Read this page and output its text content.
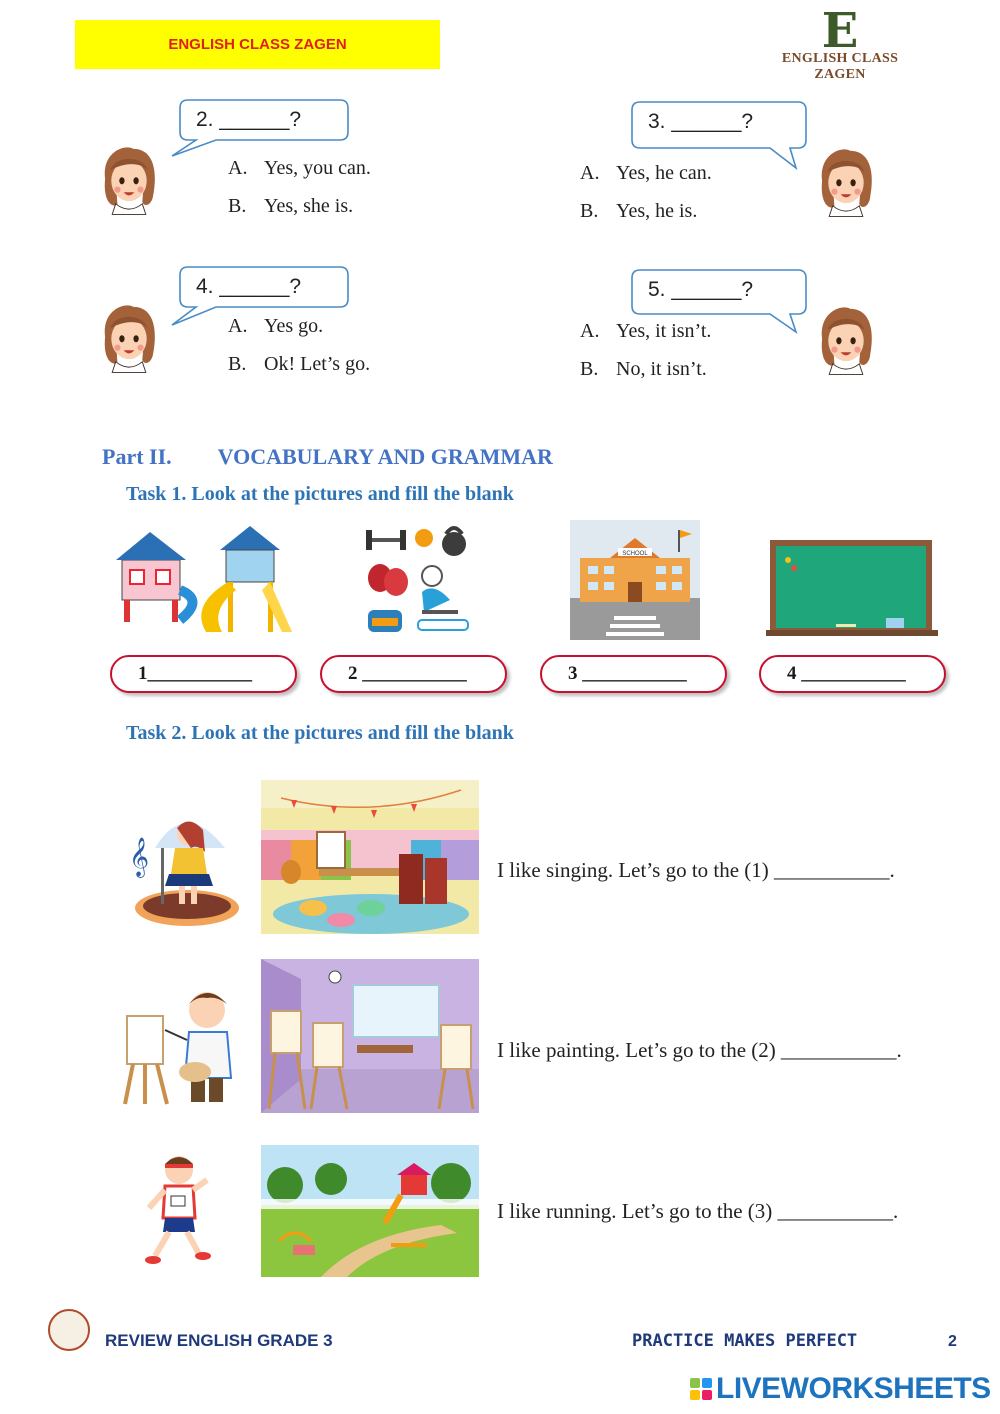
ENGLISH CLASS ZAGEN	E
ENGLISH CLASS ZAGEN
2. ______?
A. Yes, you can.
B. Yes, she is.
3. ______?
A. Yes, he can.
B. Yes, he is.
4. ______?
A. Yes go.
B. Ok! Let’s go.
5. ______?
A. Yes, it isn’t.
B. No, it isn’t.
Part II. VOCABULARY AND GRAMMAR
Task 1. Look at the pictures and fill the blank
SCHOOL
1___________	2 ___________	3 ___________	4 ___________
Task 2. Look at the pictures and fill the blank
𝄞	I like singing. Let’s go to the (1) ___________.
I like painting. Let’s go to the (2) ___________.
I like running. Let’s go to the (3) ___________.
REVIEW ENGLISH GRADE 3	PRACTICE MAKES PERFECT	2
LIVEWORKSHEETS
